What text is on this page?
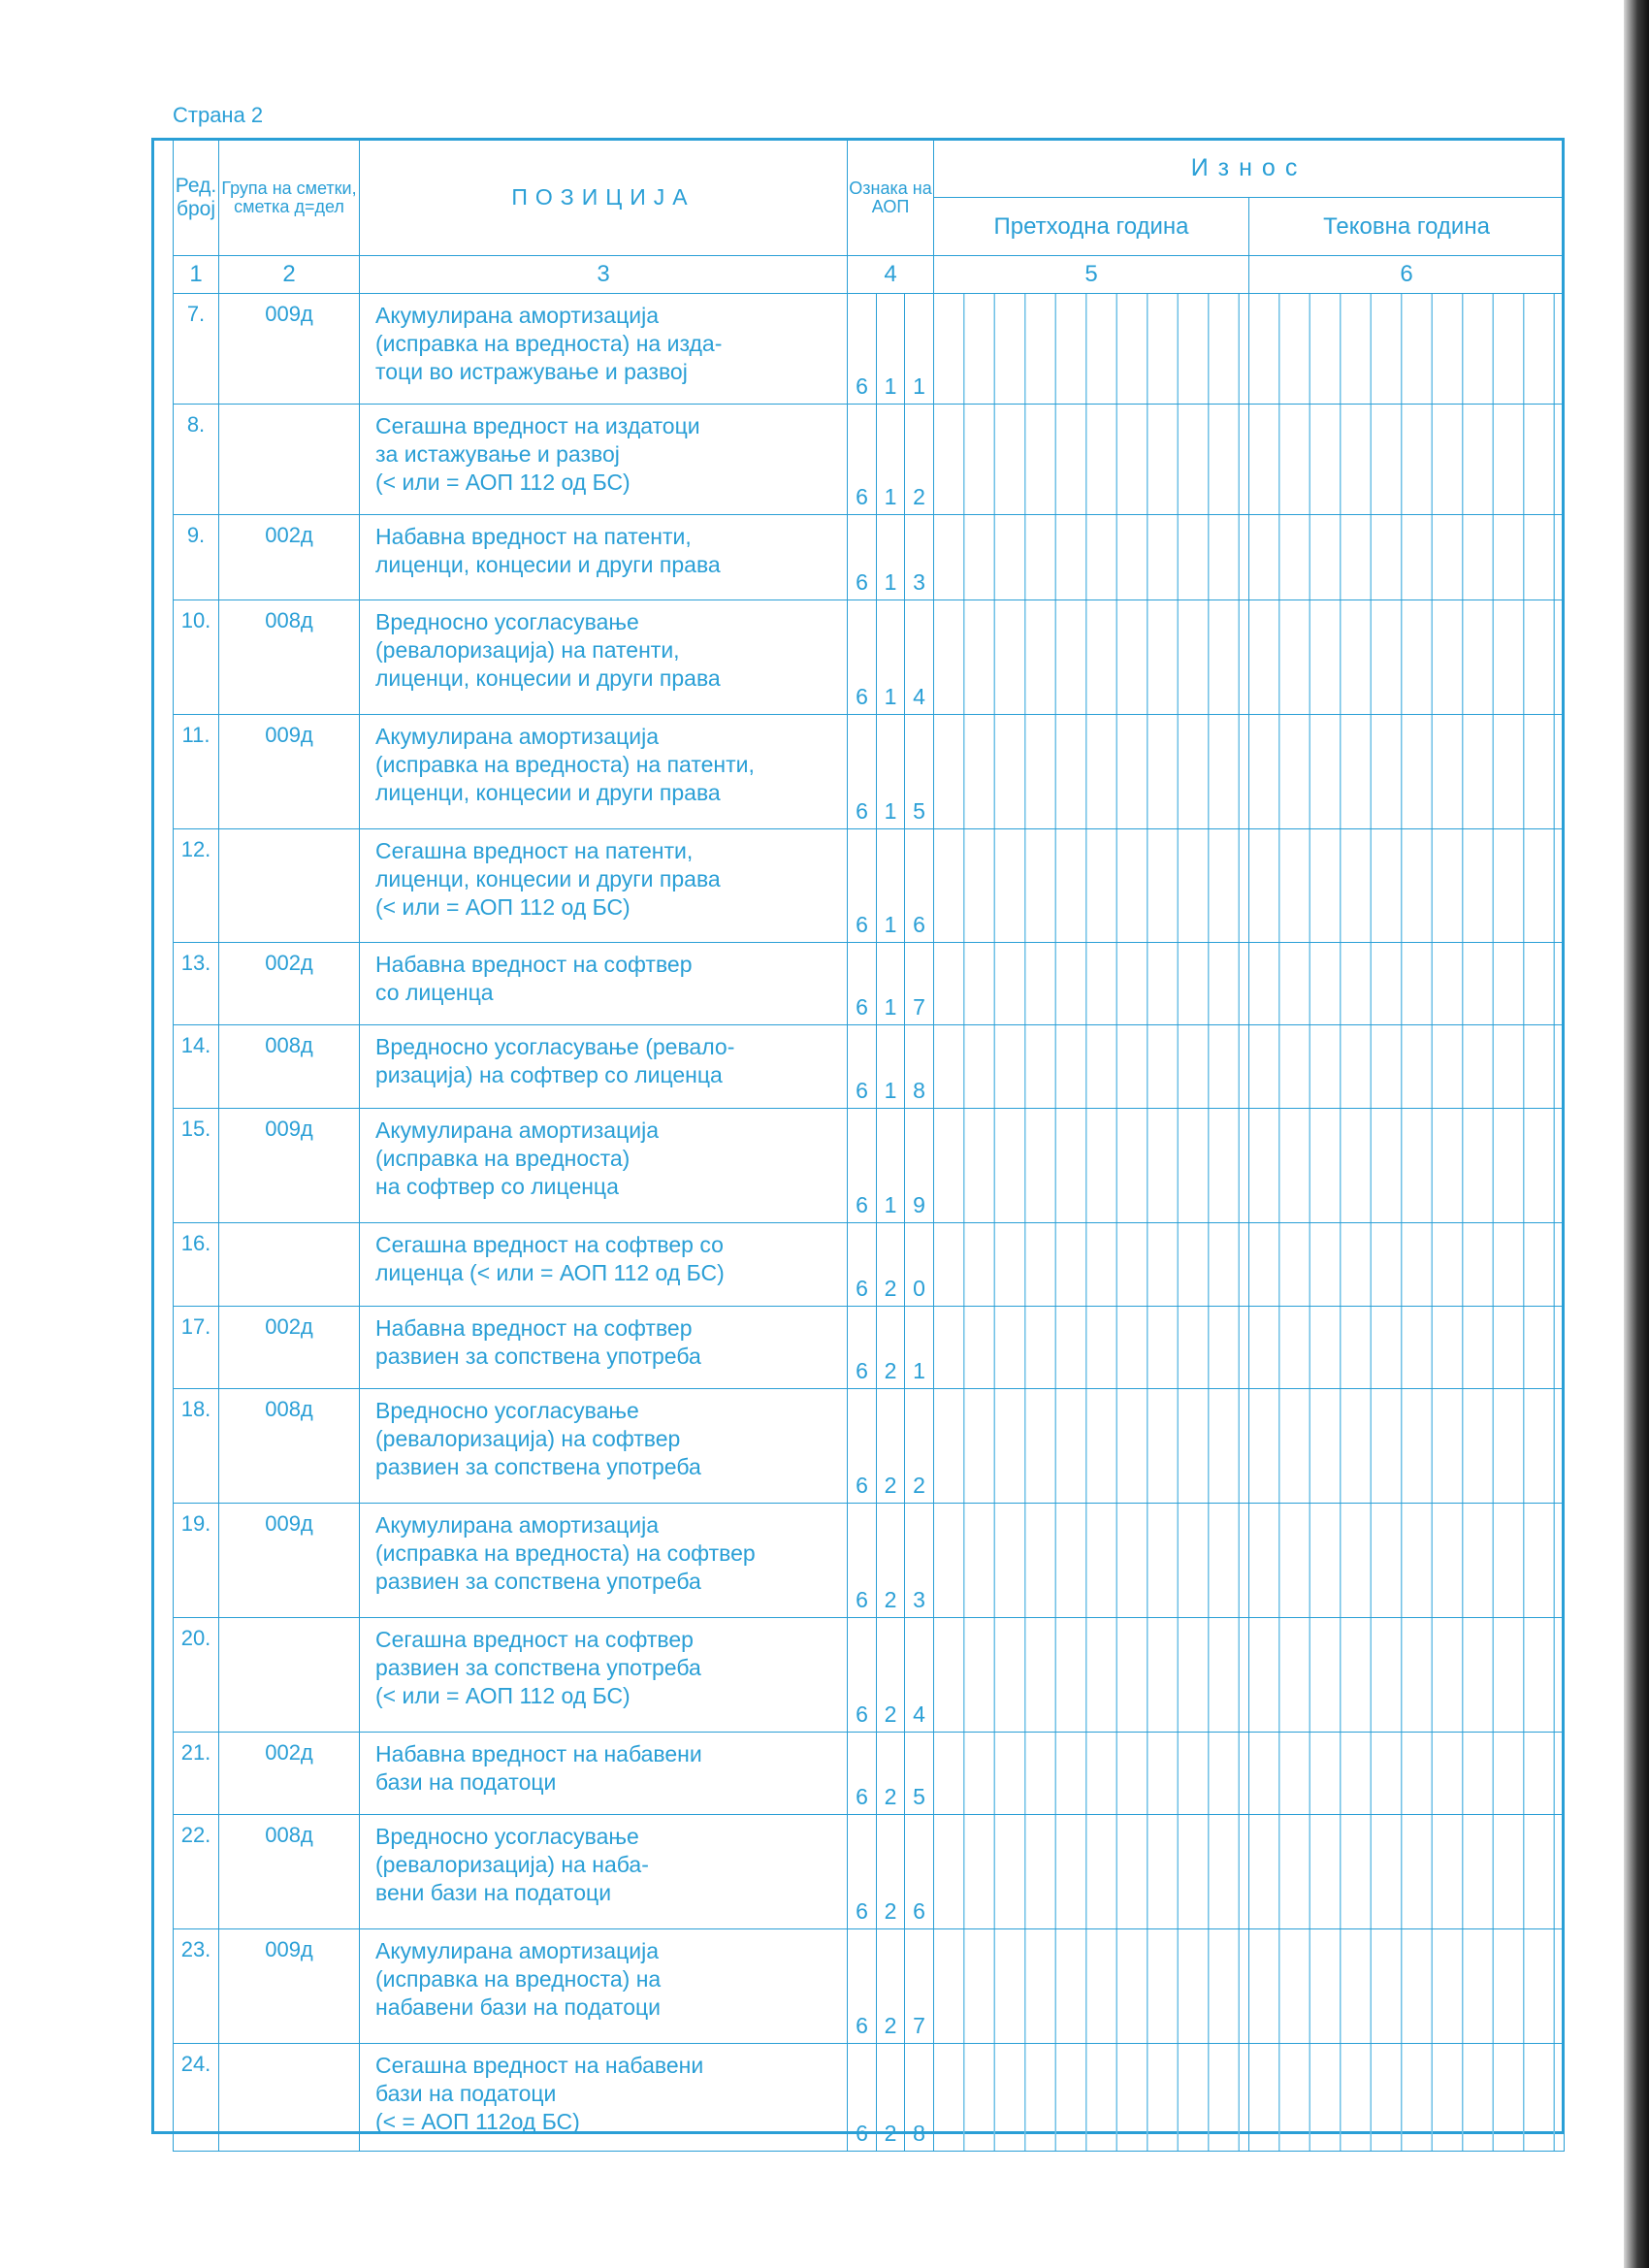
Страна 2
Ред. број	Група на сметки, сметка д=дел	ПОЗИЦИЈА	Ознака на АОП			Износ	
						Претходна година	Тековна година
1	2	3	4			5	6
7.	009д	Акумулирана амортизација
(исправка на вредноста) на изда-
тоци во истражување и развој	6	1	1	

8.		Сегашна вредност на издатоци
за истажување и развој
(< или = АОП 112 од БС)	6	1	2	

9.	002д	Набавна вредност на патенти,
лиценци, концесии и други права	6	1	3	

10.	008д	Вредносно усогласување
(ревалоризација) на патенти,
лиценци, концесии и други права	6	1	4	

11.	009д	Акумулирана амортизација
(исправка на вредноста) на патенти,
лиценци, концесии и други права	6	1	5	

12.		Сегашна вредност на патенти,
лиценци, концесии и други права
(< или = АОП 112 од БС)	6	1	6	

13.	002д	Набавна вредност на софтвер
со лиценца	6	1	7	

14.	008д	Вредносно усогласување (ревало-
ризација) на софтвер со лиценца	6	1	8	

15.	009д	Акумулирана амортизација
(исправка на вредноста)
на софтвер со лиценца	6	1	9	

16.		Сегашна вредност на софтвер со
лиценца (< или = АОП 112 од БС)	6	2	0	

17.	002д	Набавна вредност на софтвер
развиен за сопствена употреба	6	2	1	

18.	008д	Вредносно усогласување
(ревалоризација) на софтвер
развиен за сопствена употреба	6	2	2	

19.	009д	Акумулирана амортизација
(исправка на вредноста) на софтвер
развиен за сопствена употреба	6	2	3	

20.		Сегашна вредност на софтвер
развиен за сопствена употреба
(< или = АОП 112 од БС)	6	2	4	

21.	002д	Набавна вредност на набавени
бази на податоци	6	2	5	

22.	008д	Вредносно усогласување
(ревалоризација) на наба-
вени бази на податоци	6	2	6	

23.	009д	Акумулирана амортизација
(исправка на вредноста) на
набавени бази на податоци	6	2	7	

24.		Сегашна вредност на набавени
бази на податоци
(< = АОП 112од БС)	6	2	8	
